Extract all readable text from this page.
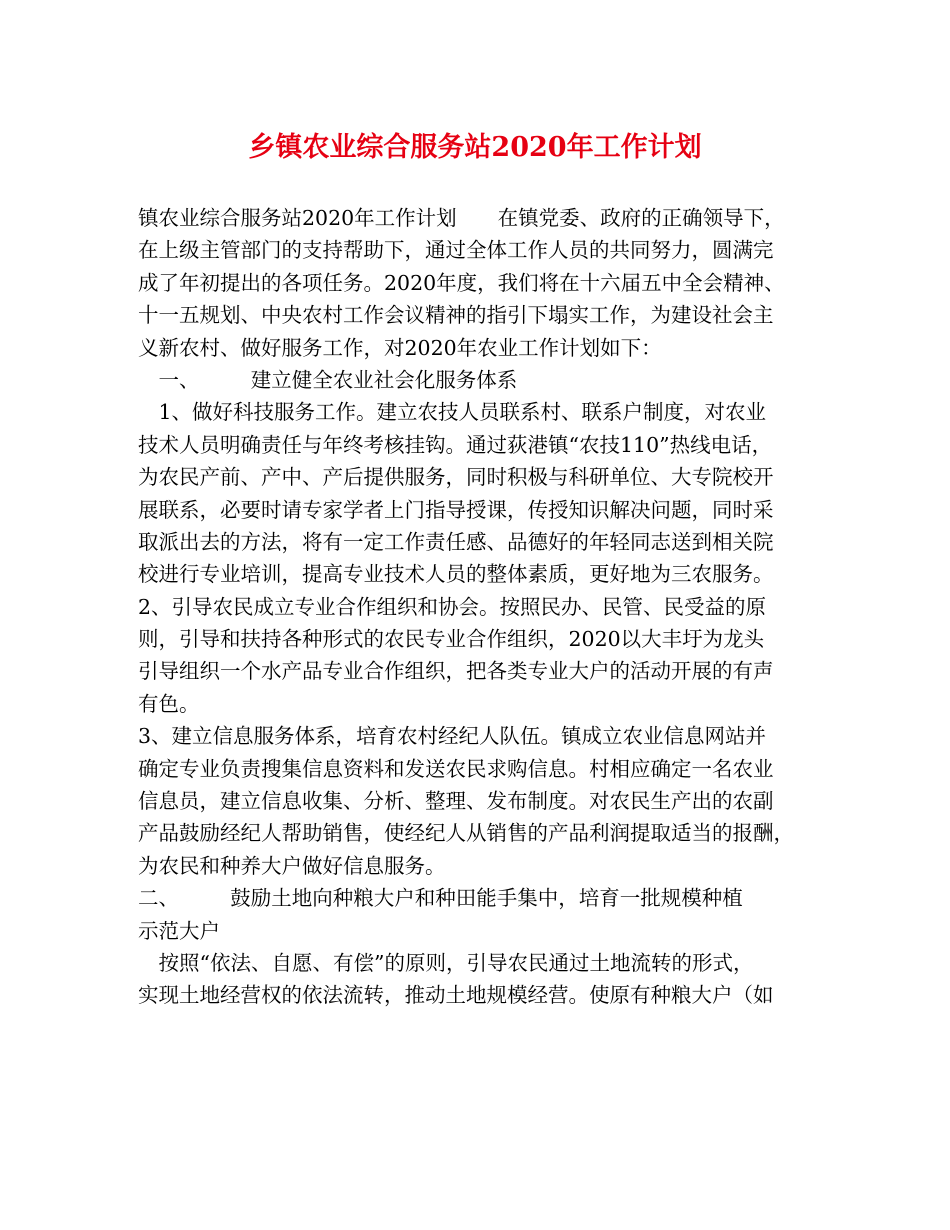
乡镇农业综合服务站2020年工作计划
镇农业综合服务站2020年工作计划　　在镇党委、政府的正确领导下，
在上级主管部门的支持帮助下，通过全体工作人员的共同努力，圆满完
成了年初提出的各项任务。2020年度，我们将在十六届五中全会精神、
十一五规划、中央农村工作会议精神的指引下塌实工作，为建设社会主
义新农村、做好服务工作，对2020年农业工作计划如下：
　一、　　　建立健全农业社会化服务体系
　1、做好科技服务工作。建立农技人员联系村、联系户制度，对农业
技术人员明确责任与年终考核挂钩。通过荻港镇“农技110”热线电话，
为农民产前、产中、产后提供服务，同时积极与科研单位、大专院校开
展联系，必要时请专家学者上门指导授课，传授知识解决问题，同时采
取派出去的方法，将有一定工作责任感、品德好的年轻同志送到相关院
校进行专业培训，提高专业技术人员的整体素质，更好地为三农服务。
2、引导农民成立专业合作组织和协会。按照民办、民管、民受益的原
则，引导和扶持各种形式的农民专业合作组织，2020以大丰圩为龙头
引导组织一个水产品专业合作组织，把各类专业大户的活动开展的有声
有色。
3、建立信息服务体系，培育农村经纪人队伍。镇成立农业信息网站并
确定专业负责搜集信息资料和发送农民求购信息。村相应确定一名农业
信息员，建立信息收集、分析、整理、发布制度。对农民生产出的农副
产品鼓励经纪人帮助销售，使经纪人从销售的产品利润提取适当的报酬，
为农民和种养大户做好信息服务。
二、　　　鼓励土地向种粮大户和种田能手集中，培育一批规模种植
示范大户
　按照“依法、自愿、有偿”的原则，引导农民通过土地流转的形式，
实现土地经营权的依法流转，推动土地规模经营。使原有种粮大户（如
